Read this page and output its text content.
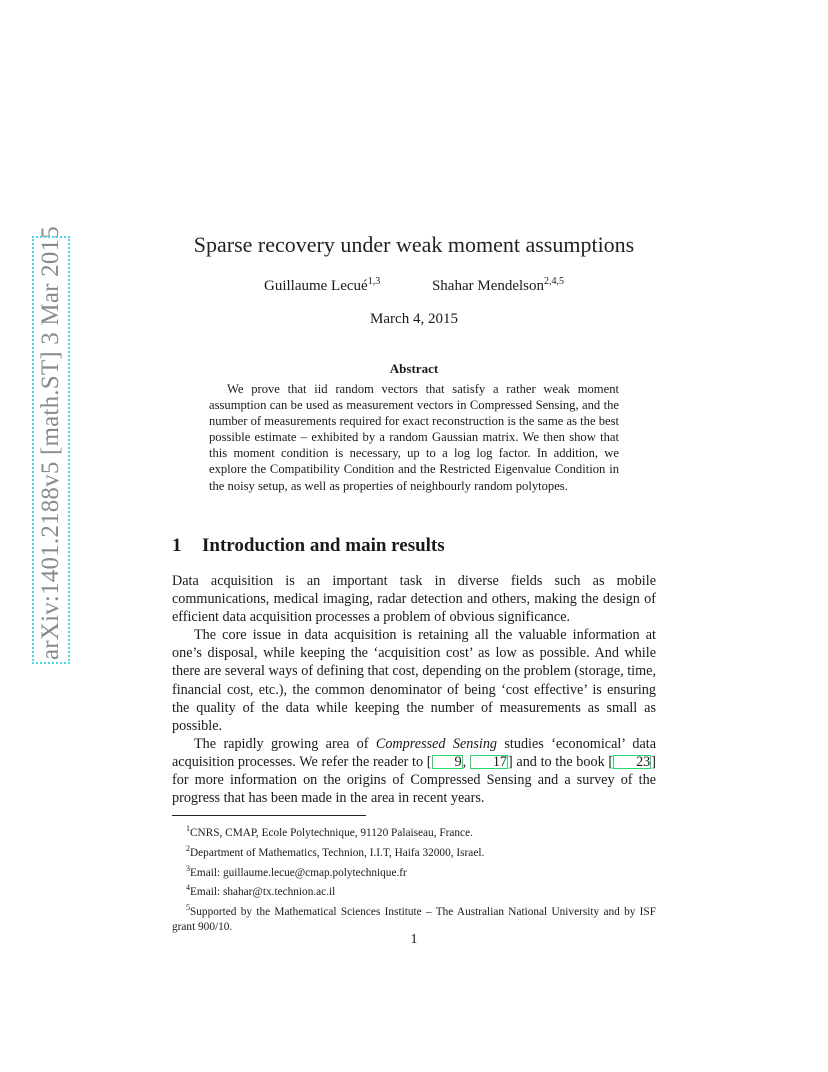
arXiv:1401.2188v5 [math.ST] 3 Mar 2015	Sparse recovery under weak moment assumptions
Guillaume Lecué$^{1,3}$	Shahar Mendelson$^{2,4,5}$
March 4, 2015
Abstract
We prove that iid random vectors that satisfy a rather weak moment assumption can be used as measurement vectors in Compressed Sensing, and the number of measurements required for exact reconstruction is the same as the best possible estimate – exhibited by a random Gaussian matrix. We then show that this moment condition is necessary, up to a log log factor. In addition, we explore the Compatibility Condition and the Restricted Eigenvalue Condition in the noisy setup, as well as properties of neighbourly random polytopes.
1 Introduction and main results

Data acquisition is an important task in diverse fields such as mobile communications, medical imaging, radar detection and others, making the design of efficient data acquisition processes a problem of obvious significance.

The core issue in data acquisition is retaining all the valuable information at one’s disposal, while keeping the ‘acquisition cost’ as low as possible. And while there are several ways of defining that cost, depending on the problem (storage, time, financial cost, etc.), the common denominator of being ‘cost effective’ is ensuring the quality of the data while keeping the number of measurements as small as possible.

The rapidly growing area of Compressed Sensing studies ‘economical’ data acquisition processes. We refer the reader to [ 9, 17] and to the book [ 23] for more information on the origins of Compressed Sensing and a survey of the progress that has been made in the area in recent years.

$^1$CNRS, CMAP, Ecole Polytechnique, 91120 Palaiseau, France.
$^2$Department of Mathematics, Technion, I.I.T, Haifa 32000, Israel.
$^3$Email: guillaume.lecue@cmap.polytechnique.fr
$^4$Email: shahar@tx.technion.ac.il
$^5$Supported by the Mathematical Sciences Institute – The Australian National University and by ISF grant 900/10.
1
